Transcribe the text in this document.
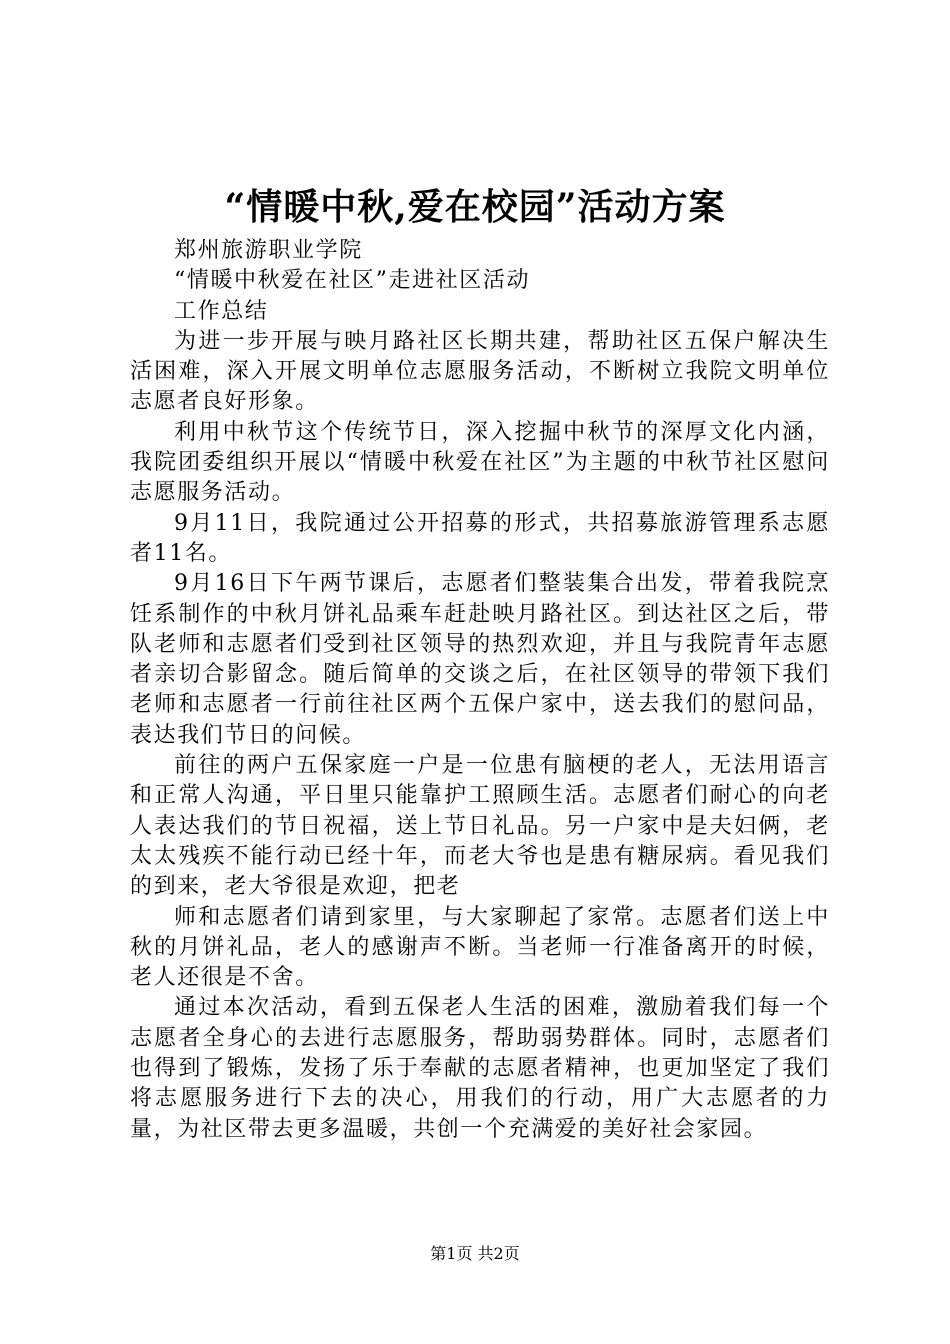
“情暖中秋,爱在校园”活动方案

郑州旅游职业学院

“情暖中秋爱在社区”走进社区活动

工作总结

为进一步开展与映月路社区长期共建，帮助社区五保户解决生活困难，深入开展文明单位志愿服务活动，不断树立我院文明单位志愿者良好形象。

利用中秋节这个传统节日，深入挖掘中秋节的深厚文化内涵，我院团委组织开展以“情暖中秋爱在社区”为主题的中秋节社区慰问志愿服务活动。

9月11日，我院通过公开招募的形式，共招募旅游管理系志愿者11名。

9月16日下午两节课后，志愿者们整装集合出发，带着我院烹饪系制作的中秋月饼礼品乘车赶赴映月路社区。到达社区之后，带队老师和志愿者们受到社区领导的热烈欢迎，并且与我院青年志愿者亲切合影留念。随后简单的交谈之后，在社区领导的带领下我们老师和志愿者一行前往社区两个五保户家中，送去我们的慰问品，表达我们节日的问候。

前往的两户五保家庭一户是一位患有脑梗的老人，无法用语言和正常人沟通，平日里只能靠护工照顾生活。志愿者们耐心的向老人表达我们的节日祝福，送上节日礼品。另一户家中是夫妇俩，老太太残疾不能行动已经十年，而老大爷也是患有糖尿病。看见我们的到来，老大爷很是欢迎，把老

师和志愿者们请到家里，与大家聊起了家常。志愿者们送上中秋的月饼礼品，老人的感谢声不断。当老师一行准备离开的时候，老人还很是不舍。

通过本次活动，看到五保老人生活的困难，激励着我们每一个志愿者全身心的去进行志愿服务，帮助弱势群体。同时，志愿者们也得到了锻炼，发扬了乐于奉献的志愿者精神，也更加坚定了我们将志愿服务进行下去的决心，用我们的行动，用广大志愿者的力量，为社区带去更多温暖，共创一个充满爱的美好社会家园。

第1页 共2页
